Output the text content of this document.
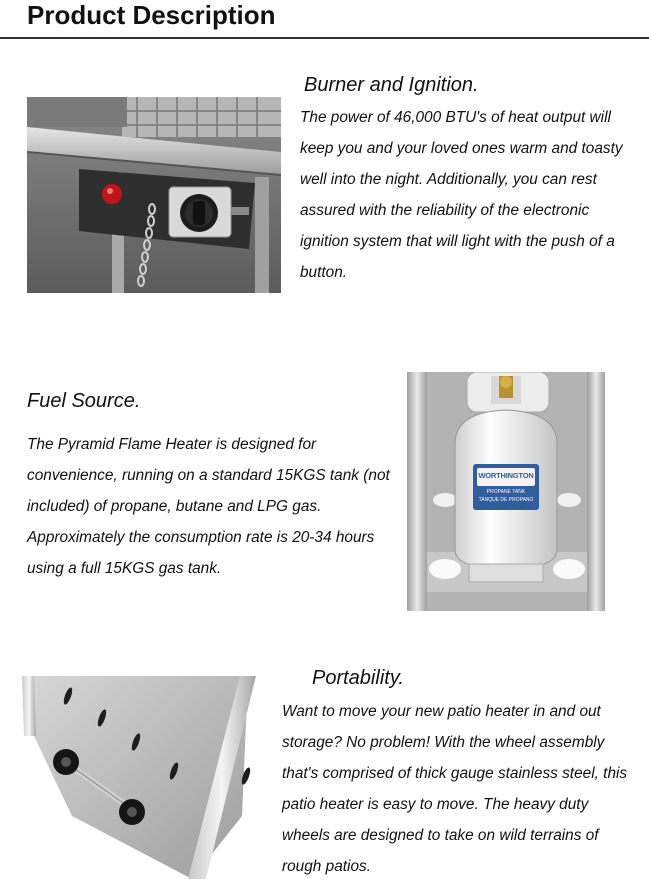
Product Description
Burner and Ignition.

The power of 46,000 BTU's of heat output will keep you and your loved ones warm and toasty well into the night. Additionally, you can rest assured with the reliability of the electronic ignition system that will light with the push of a button.

Fuel Source.

The Pyramid Flame Heater is designed for convenience, running on a standard 15KGS tank (not included) of propane, butane and LPG gas. Approximately the consumption rate is 20-34 hours using a full 15KGS gas tank.

WORTHINGTON
PROPANE TANK
TANQUE DE PROPANO
Portability.

Want to move your new patio heater in and out storage? No problem! With the wheel assembly that's comprised of thick gauge stainless steel, this patio heater is easy to move. The heavy duty wheels are designed to take on wild terrains of rough patios.
